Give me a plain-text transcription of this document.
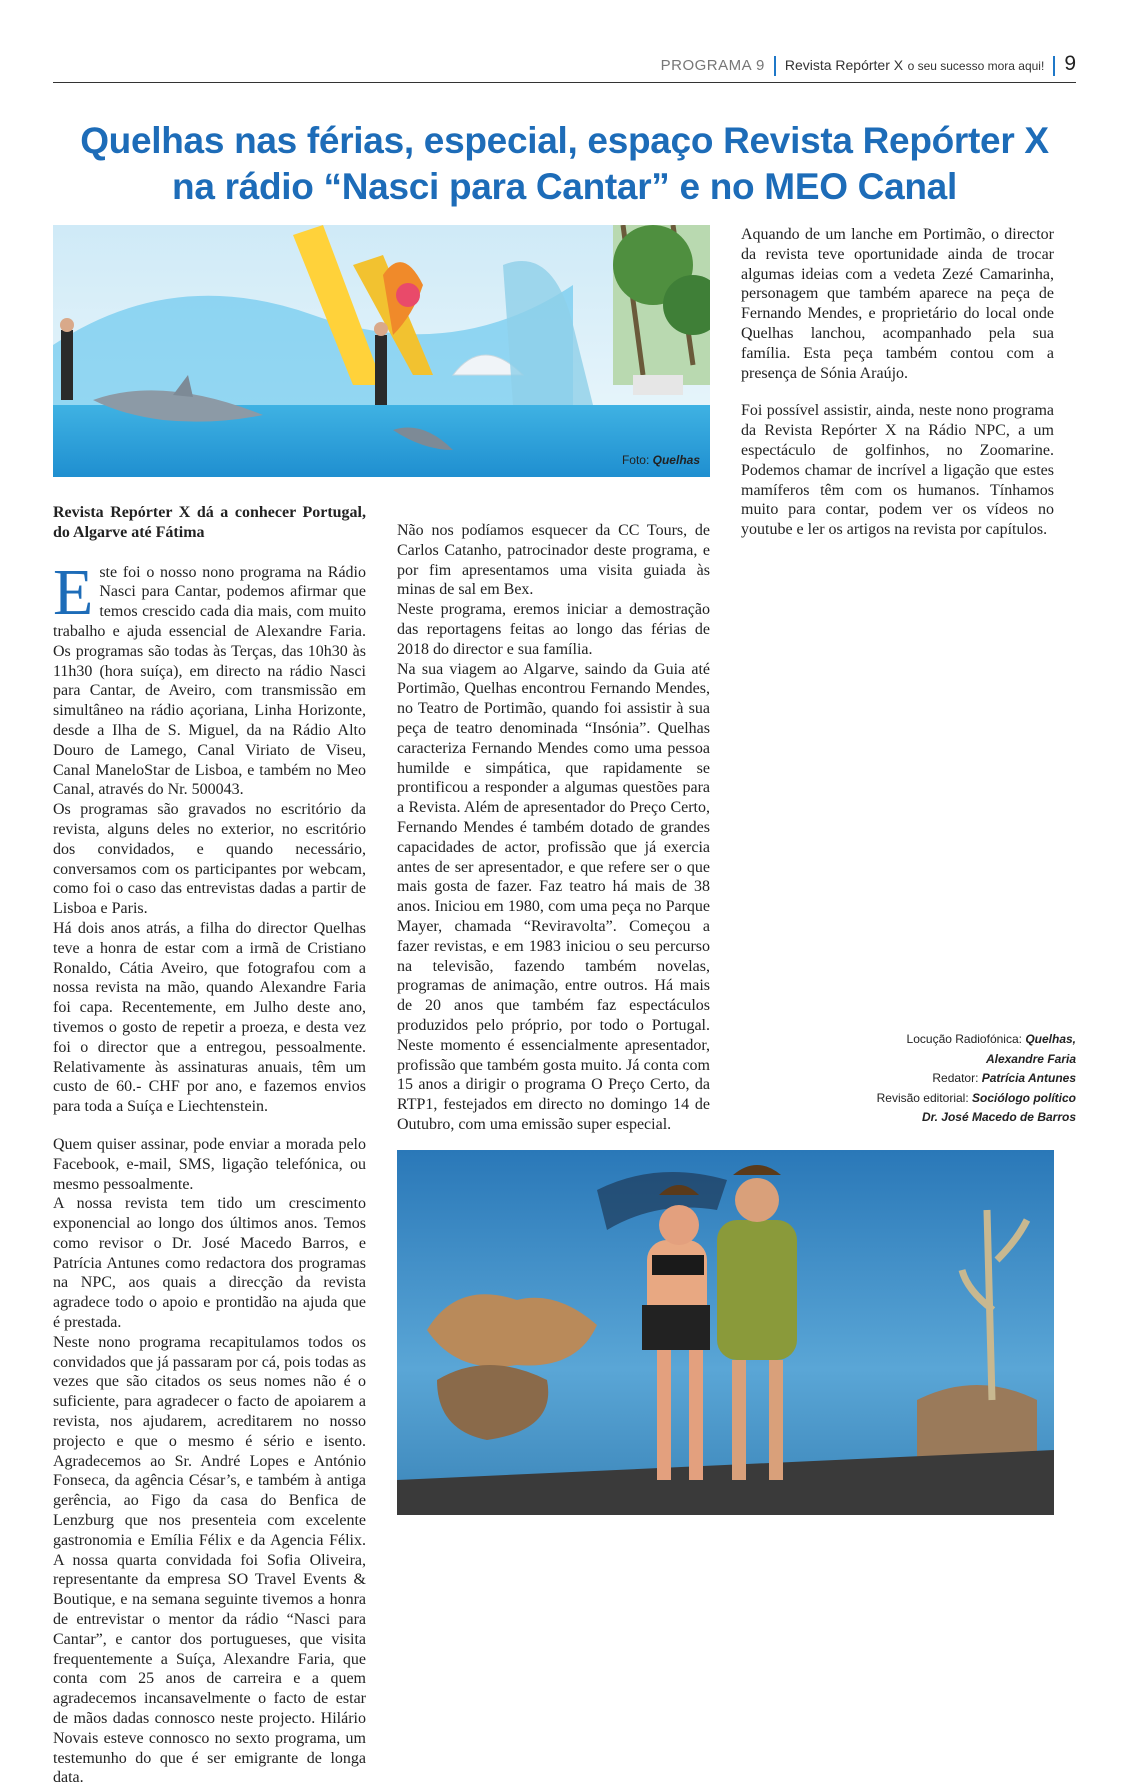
PROGRAMA 9 Revista Repórter X o seu sucesso mora aqui! 9
Quelhas nas férias, especial, espaço Revista Repórter X
na rádio “Nasci para Cantar” e no MEO Canal
Foto: Quelhas

Revista Repórter X dá a conhecer Portugal, do Algarve até Fátima

Este foi o nosso nono programa na Rádio Nasci para Cantar, podemos afirmar que temos crescido cada dia mais, com muito trabalho e ajuda essencial de Alexandre Faria. Os programas são todas às Terças, das 10h30 às 11h30 (hora suíça), em directo na rádio Nasci para Cantar, de Aveiro, com transmissão em simultâneo na rádio açoriana, Linha Horizonte, desde a Ilha de S. Miguel, da na Rádio Alto Douro de Lamego, Canal Viriato de Viseu, Canal ManeloStar de Lisboa, e também no Meo Canal, através do Nr. 500043.

Os programas são gravados no escritório da revista, alguns deles no exterior, no escritório dos convidados, e quando necessário, conversamos com os participantes por webcam, como foi o caso das entrevistas dadas a partir de Lisboa e Paris.

Há dois anos atrás, a filha do director Quelhas teve a honra de estar com a irmã de Cristiano Ronaldo, Cátia Aveiro, que fotografou com a nossa revista na mão, quando Alexandre Faria foi capa. Recentemente, em Julho deste ano, tivemos o gosto de repetir a proeza, e desta vez foi o director que a entregou, pessoalmente. Relativamente às assinaturas anuais, têm um custo de 60.- CHF por ano, e fazemos envios para toda a Suíça e Liechtenstein.

Quem quiser assinar, pode enviar a morada pelo Facebook, e-mail, SMS, ligação telefónica, ou mesmo pessoalmente.

A nossa revista tem tido um crescimento exponencial ao longo dos últimos anos. Temos como revisor o Dr. José Macedo Barros, e Patrícia Antunes como redactora dos programas na NPC, aos quais a direcção da revista agradece todo o apoio e prontidão na ajuda que é prestada.

Neste nono programa recapitulamos todos os convidados que já passaram por cá, pois todas as vezes que são citados os seus nomes não é o suficiente, para agradecer o facto de apoiarem a revista, nos ajudarem, acreditarem no nosso projecto e que o mesmo é sério e isento. Agradecemos ao Sr. André Lopes e António Fonseca, da agência César’s, e também à antiga gerência, ao Figo da casa do Benfica de Lenzburg que nos presenteia com excelente gastronomia e Emília Félix e da Agencia Félix. A nossa quarta convidada foi Sofia Oliveira, representante da empresa SO Travel Events & Boutique, e na semana seguinte tivemos a honra de entrevistar o mentor da rádio “Nasci para Cantar”, e cantor dos portugueses, que visita frequentemente a Suíça, Alexandre Faria, que conta com 25 anos de carreira e a quem agradecemos incansavelmente o facto de estar de mãos dadas connosco neste projecto. Hilário Novais esteve connosco no sexto programa, um testemunho do que é ser emigrante de longa data.

Não nos podíamos esquecer da CC Tours, de Carlos Catanho, patrocinador deste programa, e por fim apresentamos uma visita guiada às minas de sal em Bex.

Neste programa, eremos iniciar a demostração das reportagens feitas ao longo das férias de 2018 do director e sua família.

Na sua viagem ao Algarve, saindo da Guia até Portimão, Quelhas encontrou Fernando Mendes, no Teatro de Portimão, quando foi assistir à sua peça de teatro denominada “Insónia”. Quelhas caracteriza Fernando Mendes como uma pessoa humilde e simpática, que rapidamente se prontificou a responder a algumas questões para a Revista. Além de apresentador do Preço Certo, Fernando Mendes é também dotado de grandes capacidades de actor, profissão que já exercia antes de ser apresentador, e que refere ser o que mais gosta de fazer. Faz teatro há mais de 38 anos. Iniciou em 1980, com uma peça no Parque Mayer, chamada “Reviravolta”. Começou a fazer revistas, e em 1983 iniciou o seu percurso na televisão, fazendo também novelas, programas de animação, entre outros. Há mais de 20 anos que também faz espectáculos produzidos pelo próprio, por todo o Portugal. Neste momento é essencialmente apresentador, profissão que também gosta muito. Já conta com 15 anos a dirigir o programa O Preço Certo, da RTP1, festejados em directo no domingo 14 de Outubro, com uma emissão super especial.

Aquando de um lanche em Portimão, o director da revista teve oportunidade ainda de trocar algumas ideias com a vedeta Zezé Camarinha, personagem que também aparece na peça de Fernando Mendes, e proprietário do local onde Quelhas lanchou, acompanhado pela sua família. Esta peça também contou com a presença de Sónia Araújo.

Foi possível assistir, ainda, neste nono programa da Revista Repórter X na Rádio NPC, a um espectáculo de golfinhos, no Zoomarine. Podemos chamar de incrível a ligação que estes mamíferos têm com os humanos. Tínhamos muito para contar, podem ver os vídeos no youtube e ler os artigos na revista por capítulos.

Locução Radiofónica: Quelhas,
Alexandre Faria
Redator: Patrícia Antunes
Revisão editorial: Sociólogo político
Dr. José Macedo de Barros
